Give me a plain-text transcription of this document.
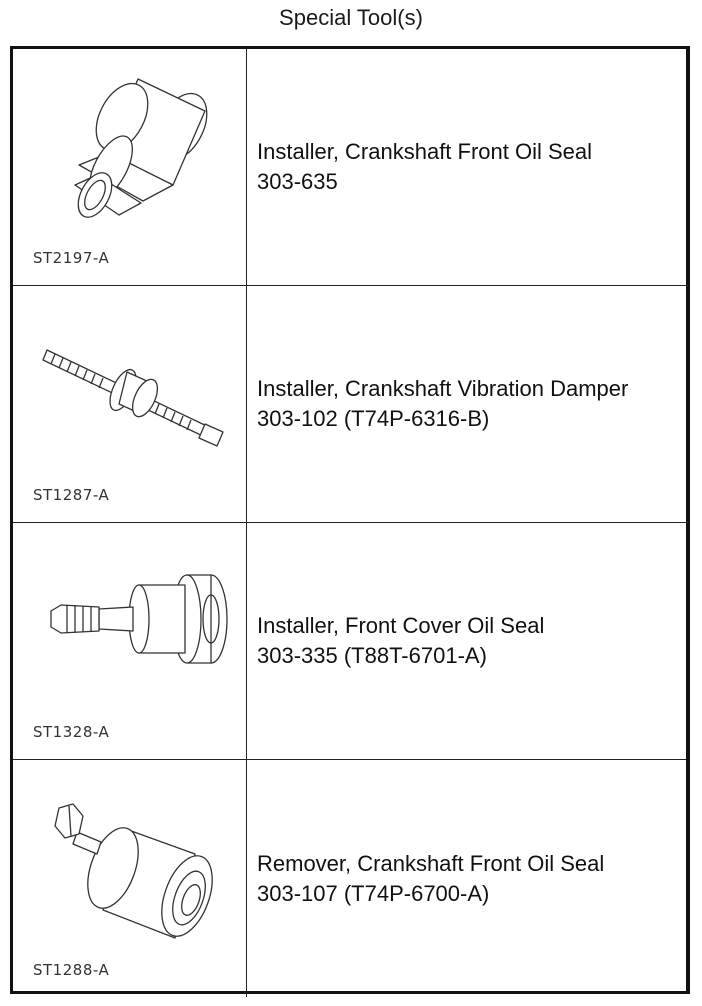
Special Tool(s)
ST2197-A
Installer, Crankshaft Front Oil Seal
303-635
ST1287-A
Installer, Crankshaft Vibration Damper
303-102 (T74P-6316-B)
ST1328-A
Installer, Front Cover Oil Seal
303-335 (T88T-6701-A)
ST1288-A
Remover, Crankshaft Front Oil Seal
303-107 (T74P-6700-A)
